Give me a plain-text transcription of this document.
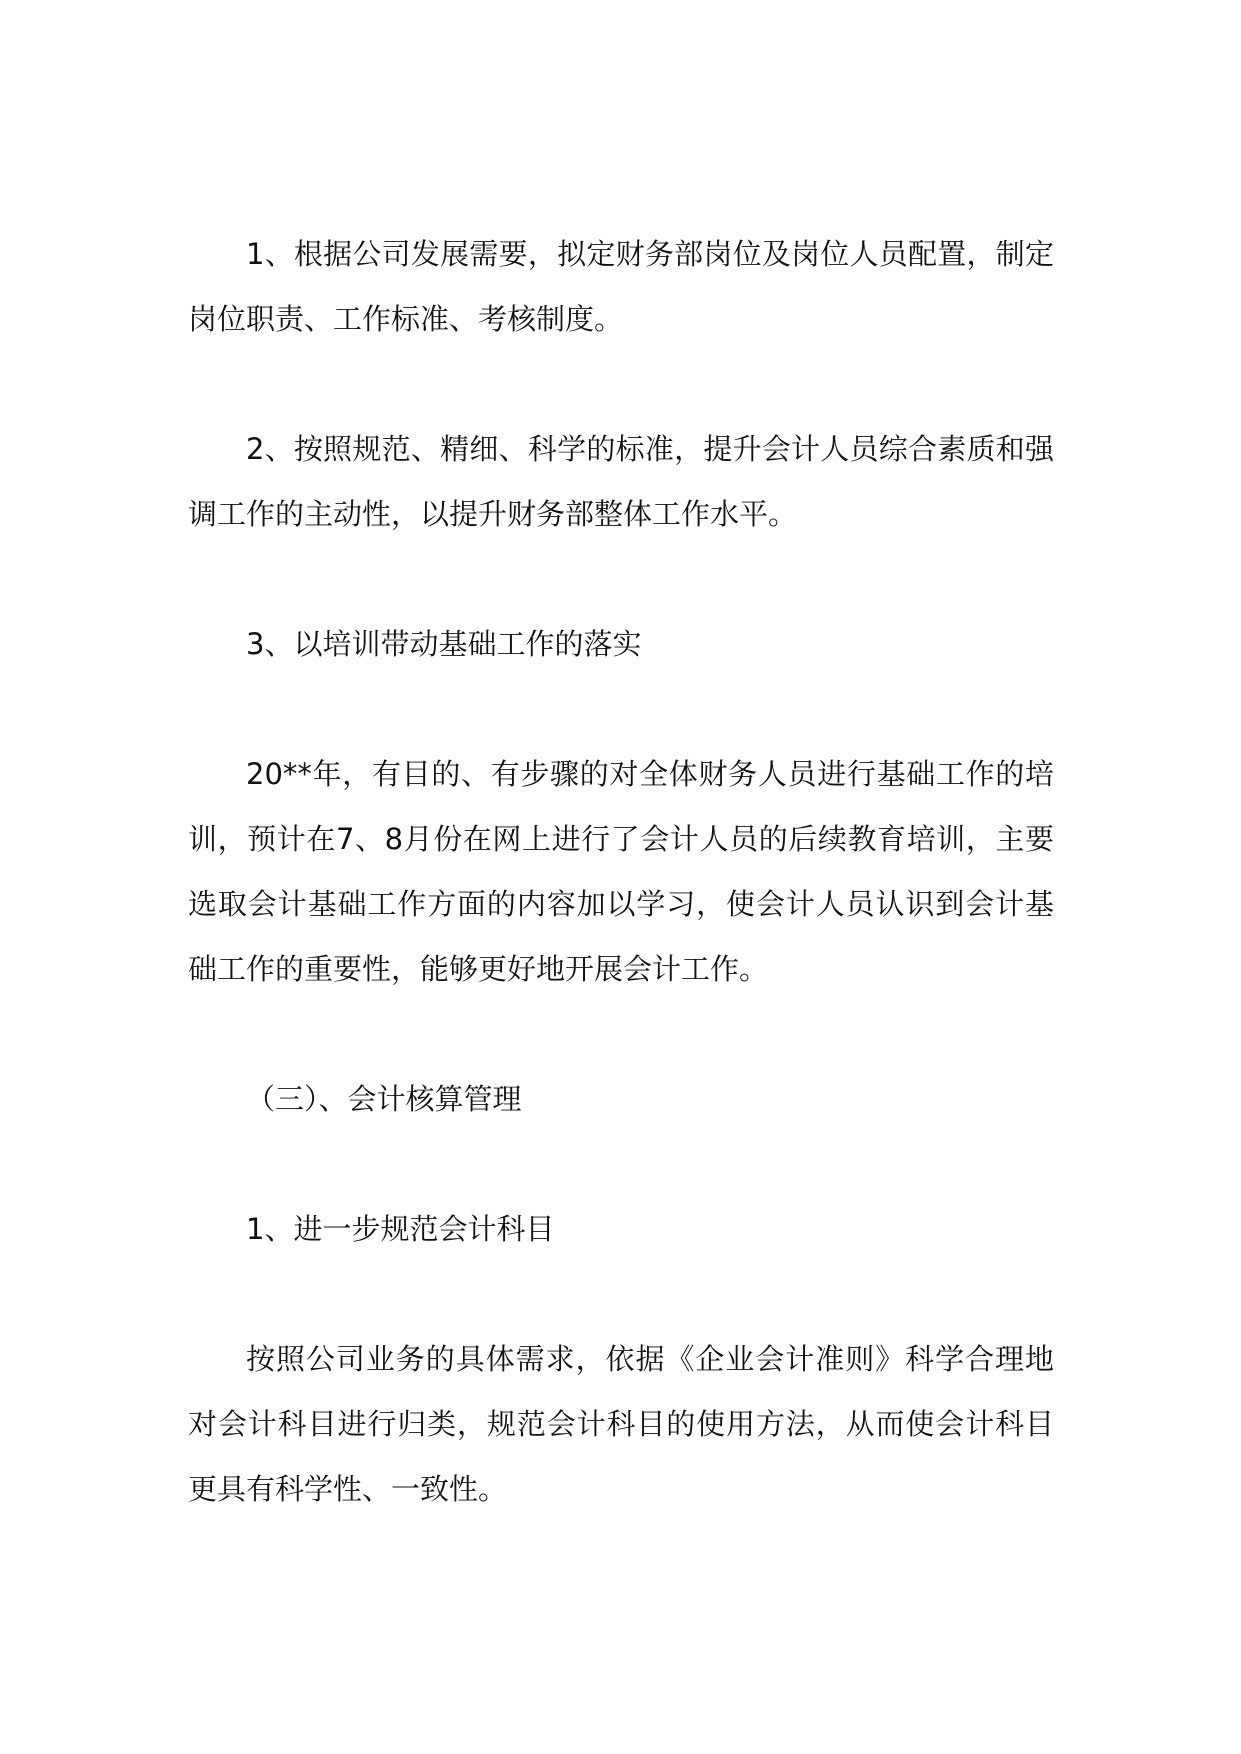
1、根据公司发展需要，拟定财务部岗位及岗位人员配置，制定岗位职责、工作标准、考核制度。

2、按照规范、精细、科学的标准，提升会计人员综合素质和强调工作的主动性，以提升财务部整体工作水平。

3、以培训带动基础工作的落实

20**年，有目的、有步骤的对全体财务人员进行基础工作的培训，预计在7、8月份在网上进行了会计人员的后续教育培训，主要选取会计基础工作方面的内容加以学习，使会计人员认识到会计基础工作的重要性，能够更好地开展会计工作。

（三）、会计核算管理

1、进一步规范会计科目

按照公司业务的具体需求，依据《企业会计准则》科学合理地对会计科目进行归类，规范会计科目的使用方法，从而使会计科目更具有科学性、一致性。
